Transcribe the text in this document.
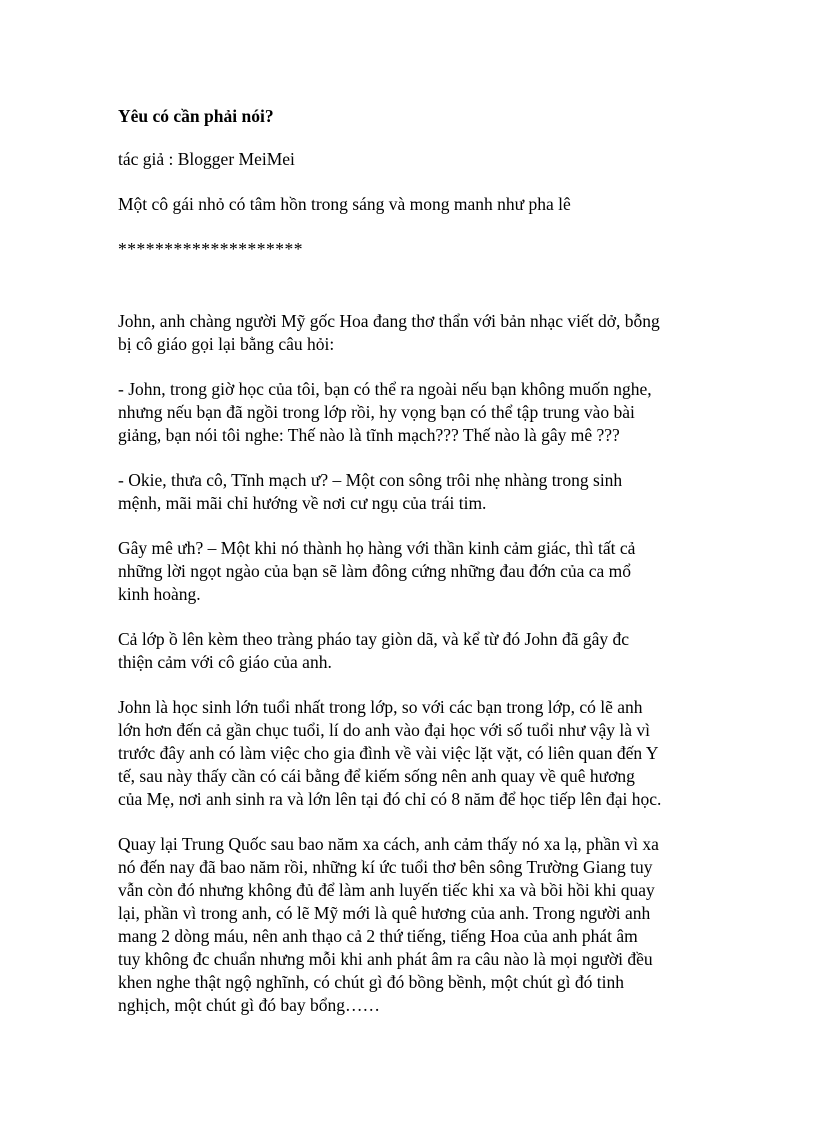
Yêu có cần phải nói?
tác giả : Blogger MeiMei
Một cô gái nhỏ có tâm hồn trong sáng và mong manh như pha lê
********************
John, anh chàng người Mỹ gốc Hoa đang thơ thẩn với bản nhạc viết dở, bỗng
bị cô giáo gọi lại bằng câu hỏi:
- John, trong giờ học của tôi, bạn có thể ra ngoài nếu bạn không muốn nghe,
nhưng nếu bạn đã ngồi trong lớp rồi, hy vọng bạn có thể tập trung vào bài
giảng, bạn nói tôi nghe: Thế nào là tĩnh mạch??? Thế nào là gây mê ???
- Okie, thưa cô, Tĩnh mạch ư? – Một con sông trôi nhẹ nhàng trong sinh
mệnh, mãi mãi chỉ hướng về nơi cư ngụ của trái tim.
Gây mê ưh? – Một khi nó thành họ hàng với thần kinh cảm giác, thì tất cả
những lời ngọt ngào của bạn sẽ làm đông cứng những đau đớn của ca mổ
kinh hoàng.
Cả lớp ồ lên kèm theo tràng pháo tay giòn dã, và kể từ đó John đã gây đc
thiện cảm với cô giáo của anh.
John là học sinh lớn tuổi nhất trong lớp, so với các bạn trong lớp, có lẽ anh
lớn hơn đến cả gần chục tuổi, lí do anh vào đại học với số tuổi như vậy là vì
trước đây anh có làm việc cho gia đình về vài việc lặt vặt, có liên quan đến Y
tế, sau này thấy cần có cái bằng để kiếm sống nên anh quay về quê hương
của Mẹ, nơi anh sinh ra và lớn lên tại đó chỉ có 8 năm để học tiếp lên đại học.
Quay lại Trung Quốc sau bao năm xa cách, anh cảm thấy nó xa lạ, phần vì xa
nó đến nay đã bao năm rồi, những kí ức tuổi thơ bên sông Trường Giang tuy
vẫn còn đó nhưng không đủ để làm anh luyến tiếc khi xa và bồi hồi khi quay
lại, phần vì trong anh, có lẽ Mỹ mới là quê hương của anh. Trong người anh
mang 2 dòng máu, nên anh thạo cả 2 thứ tiếng, tiếng Hoa của anh phát âm
tuy không đc chuẩn nhưng mỗi khi anh phát âm ra câu nào là mọi người đều
khen nghe thật ngộ nghĩnh, có chút gì đó bồng bềnh, một chút gì đó tinh
nghịch, một chút gì đó bay bổng……
